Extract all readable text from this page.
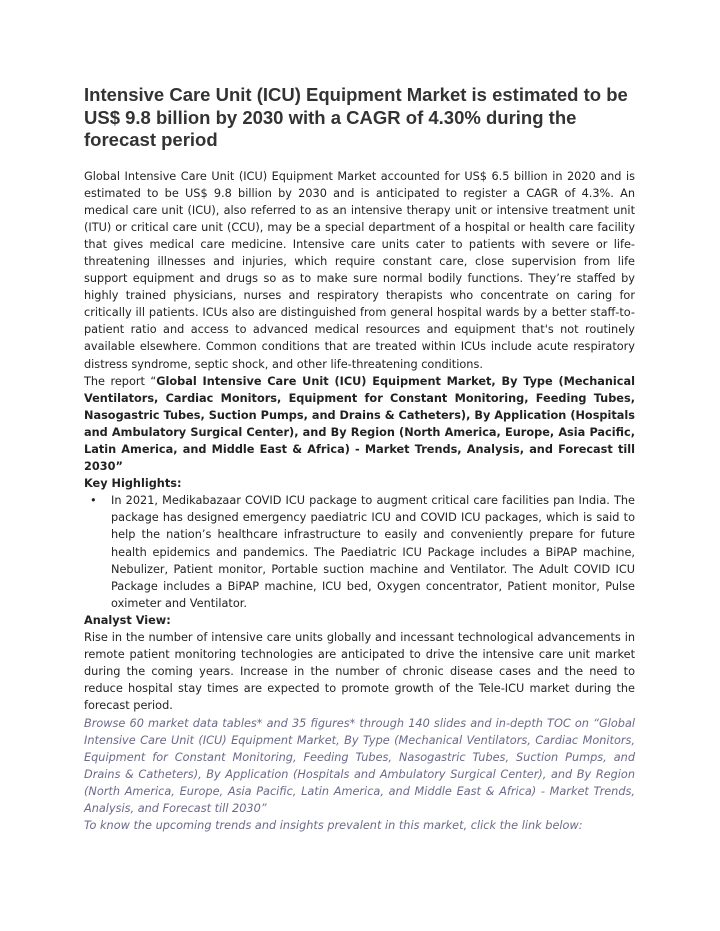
Intensive Care Unit (ICU) Equipment Market is estimated to be US$ 9.8 billion by 2030 with a CAGR of 4.30% during the forecast period

Global Intensive Care Unit (ICU) Equipment Market accounted for US$ 6.5 billion in 2020 and is estimated to be US$ 9.8 billion by 2030 and is anticipated to register a CAGR of 4.3%. An medical care unit (ICU), also referred to as an intensive therapy unit or intensive treatment unit (ITU) or critical care unit (CCU), may be a special department of a hospital or health care facility that gives medical care medicine. Intensive care units cater to patients with severe or life-threatening illnesses and injuries, which require constant care, close supervision from life support equipment and drugs so as to make sure normal bodily functions. They’re staffed by highly trained physicians, nurses and respiratory therapists who concentrate on caring for critically ill patients. ICUs also are distinguished from general hospital wards by a better staff-to-patient ratio and access to advanced medical resources and equipment that's not routinely available elsewhere. Common conditions that are treated within ICUs include acute respiratory distress syndrome, septic shock, and other life-threatening conditions.

The report “Global Intensive Care Unit (ICU) Equipment Market, By Type (Mechanical Ventilators, Cardiac Monitors, Equipment for Constant Monitoring, Feeding Tubes, Nasogastric Tubes, Suction Pumps, and Drains & Catheters), By Application (Hospitals and Ambulatory Surgical Center), and By Region (North America, Europe, Asia Pacific, Latin America, and Middle East & Africa) - Market Trends, Analysis, and Forecast till 2030”

Key Highlights:

• In 2021, Medikabazaar COVID ICU package to augment critical care facilities pan India. The package has designed emergency paediatric ICU and COVID ICU packages, which is said to help the nation’s healthcare infrastructure to easily and conveniently prepare for future health epidemics and pandemics. The Paediatric ICU Package includes a BiPAP machine, Nebulizer, Patient monitor, Portable suction machine and Ventilator. The Adult COVID ICU Package includes a BiPAP machine, ICU bed, Oxygen concentrator, Patient monitor, Pulse oximeter and Ventilator.

Analyst View:

Rise in the number of intensive care units globally and incessant technological advancements in remote patient monitoring technologies are anticipated to drive the intensive care unit market during the coming years. Increase in the number of chronic disease cases and the need to reduce hospital stay times are expected to promote growth of the Tele-ICU market during the forecast period.

Browse 60 market data tables* and 35 figures* through 140 slides and in-depth TOC on “Global Intensive Care Unit (ICU) Equipment Market, By Type (Mechanical Ventilators, Cardiac Monitors, Equipment for Constant Monitoring, Feeding Tubes, Nasogastric Tubes, Suction Pumps, and Drains & Catheters), By Application (Hospitals and Ambulatory Surgical Center), and By Region (North America, Europe, Asia Pacific, Latin America, and Middle East & Africa) - Market Trends, Analysis, and Forecast till 2030”

To know the upcoming trends and insights prevalent in this market, click the link below:
